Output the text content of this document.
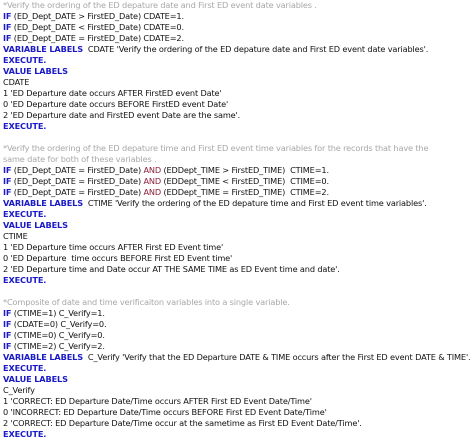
*Verify the ordering of the ED depature date and First ED event date variables .
IF (ED_Dept_DATE > FirstED_Date) CDATE=1.
IF (ED_Dept_DATE < FirstED_Date) CDATE=0.
IF (ED_Dept_DATE = FirstED_Date) CDATE=2.
VARIABLE LABELS  CDATE 'Verify the ordering of the ED depature date and First ED event date variables'.
EXECUTE.
VALUE LABELS
CDATE
1 'ED Departure date occurs AFTER FirstED event Date'
0 'ED Departure date occurs BEFORE FirstED event Date'
2 'ED Departure date and FirstED event Date are the same'.
EXECUTE.
*Verify the ordering of the ED depature time and First ED event time variables for the records that have the
same date for both of these variables .
IF (ED_Dept_DATE = FirstED_Date) AND (EDDept_TIME > FirstED_TIME)  CTIME=1.
IF (ED_Dept_DATE = FirstED_Date) AND (EDDept_TIME < FirstED_TIME)  CTIME=0.
IF (ED_Dept_DATE = FirstED_Date) AND (EDDept_TIME = FirstED_TIME)  CTIME=2.
VARIABLE LABELS  CTIME 'Verify the ordering of the ED depature time and First ED event time variables'.
EXECUTE.
VALUE LABELS
CTIME
1 'ED Departure time occurs AFTER First ED Event time'
0 'ED Departure  time occurs BEFORE First ED Event time'
2 'ED Departure time and Date occur AT THE SAME TIME as ED Event time and date'.
EXECUTE.
*Composite of date and time verificaiton variables into a single variable.
IF (CTIME=1) C_Verify=1.
IF (CDATE=0) C_Verify=0.
IF (CTIME=0) C_Verify=0.
IF (CTIME=2) C_Verify=2.
VARIABLE LABELS  C_Verify 'Verify that the ED Departure DATE & TIME occurs after the First ED event DATE & TIME'.
EXECUTE.
VALUE LABELS
C_Verify
1 'CORRECT: ED Departure Date/Time occurs AFTER First ED Event Date/Time'
0 'INCORRECT: ED Departure Date/Time occurs BEFORE First ED Event Date/Time'
2 'CORRECT: ED Departure Date/Time occur at the sametime as First ED Event Date/Time'.
EXECUTE.
